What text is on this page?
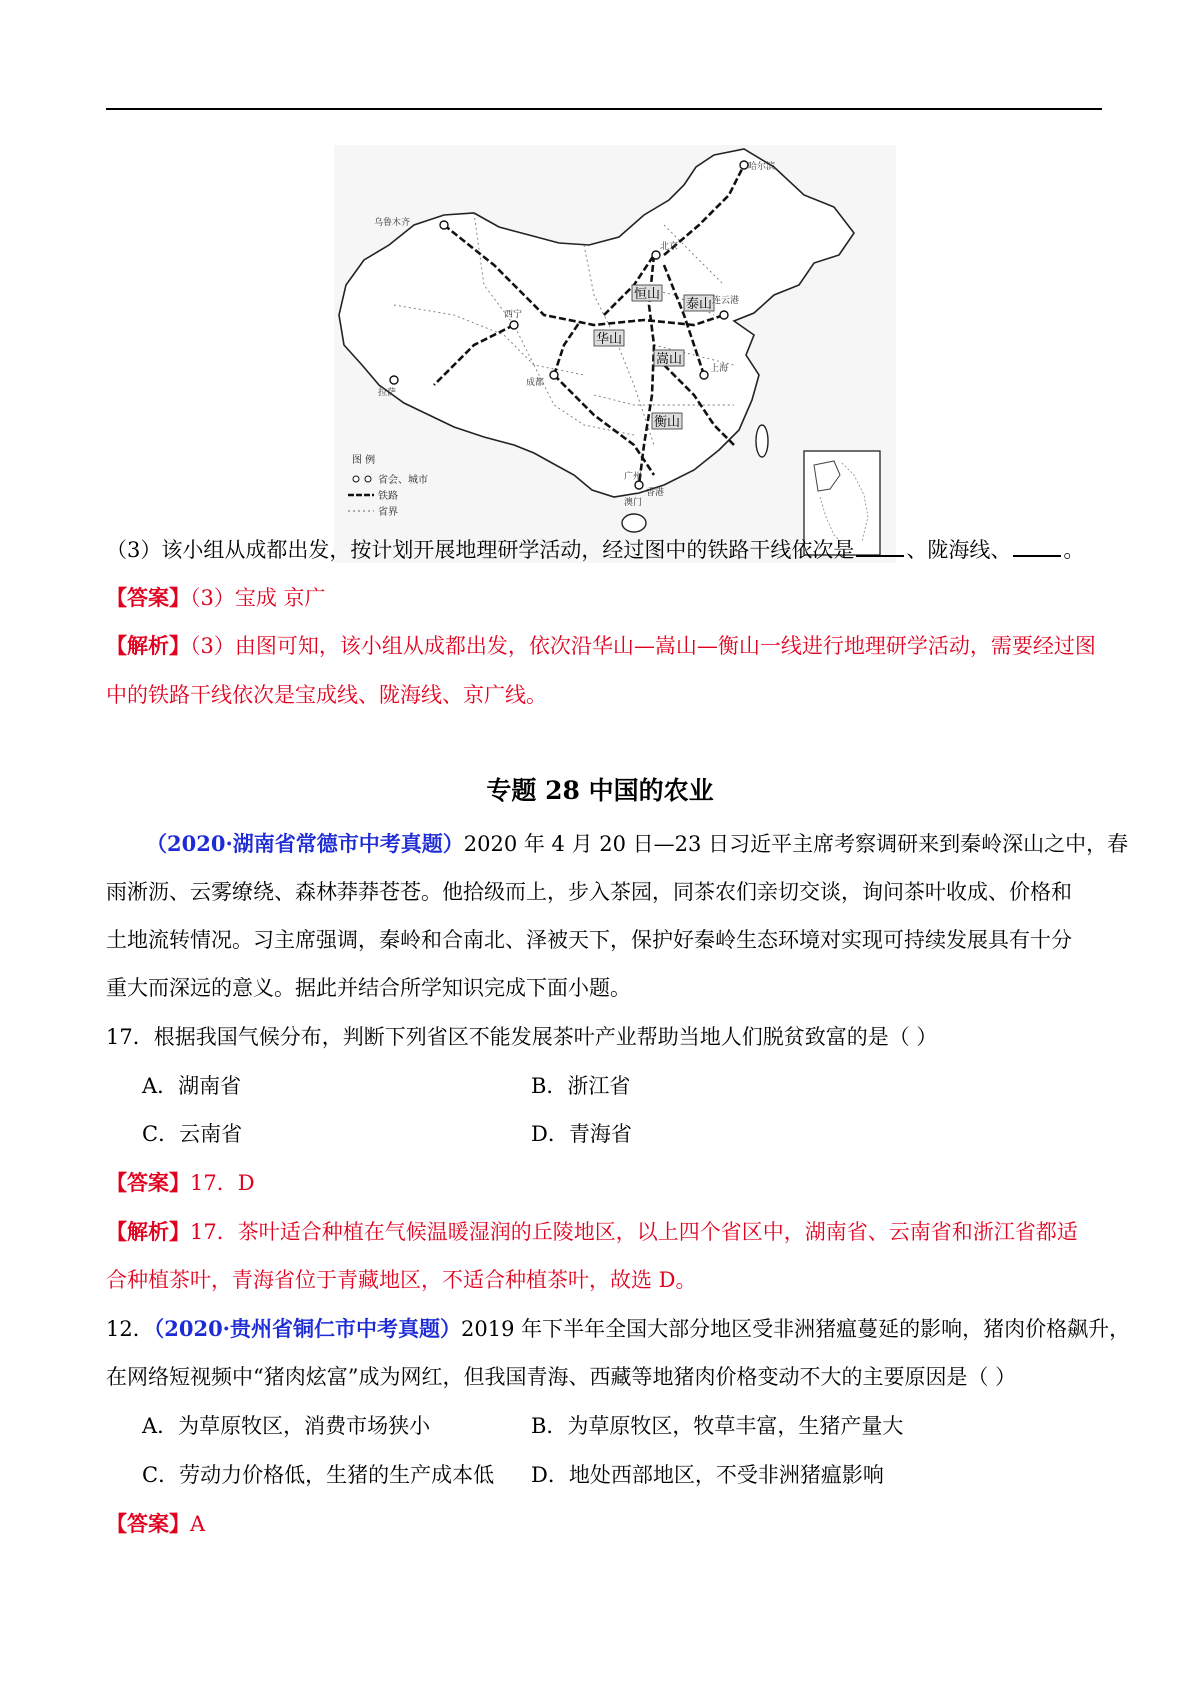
恒山
泰山
华山
嵩山
衡山
哈尔滨
乌鲁木齐
成都
西宁
北京
上海
拉萨
广州
香港
澳门
连云港
图 例
省会、城市
铁路
省界
（3）该小组从成都出发，按计划开展地理研学活动，经过图中的铁路干线依次是 、陇海线、 。
【答案】（3）宝成 京广
【解析】（3）由图可知，该小组从成都出发，依次沿华山—嵩山—衡山一线进行地理研学活动，需要经过图
中的铁路干线依次是宝成线、陇海线、京广线。
专题 28 中国的农业
（2020·湖南省常德市中考真题）2020 年 4 月 20 日—23 日习近平主席考察调研来到秦岭深山之中，春
雨淅沥、云雾缭绕、森林莽莽苍苍。他拾级而上，步入茶园，同茶农们亲切交谈，询问茶叶收成、价格和
土地流转情况。习主席强调，秦岭和合南北、泽被天下，保护好秦岭生态环境对实现可持续发展具有十分
重大而深远的意义。据此并结合所学知识完成下面小题。
17．根据我国气候分布，判断下列省区不能发展茶叶产业帮助当地人们脱贫致富的是（ ）
A．湖南省	B．浙江省
C．云南省	D．青海省
【答案】17．D
【解析】17．茶叶适合种植在气候温暖湿润的丘陵地区，以上四个省区中，湖南省、云南省和浙江省都适
合种植茶叶，青海省位于青藏地区，不适合种植茶叶，故选 D。
12．（2020·贵州省铜仁市中考真题）2019 年下半年全国大部分地区受非洲猪瘟蔓延的影响，猪肉价格飙升，
在网络短视频中“猪肉炫富”成为网红，但我国青海、西藏等地猪肉价格变动不大的主要原因是（ ）
A．为草原牧区，消费市场狭小	B．为草原牧区，牧草丰富，生猪产量大
C．劳动力价格低，生猪的生产成本低 D．地处西部地区，不受非洲猪瘟影响
【答案】A
